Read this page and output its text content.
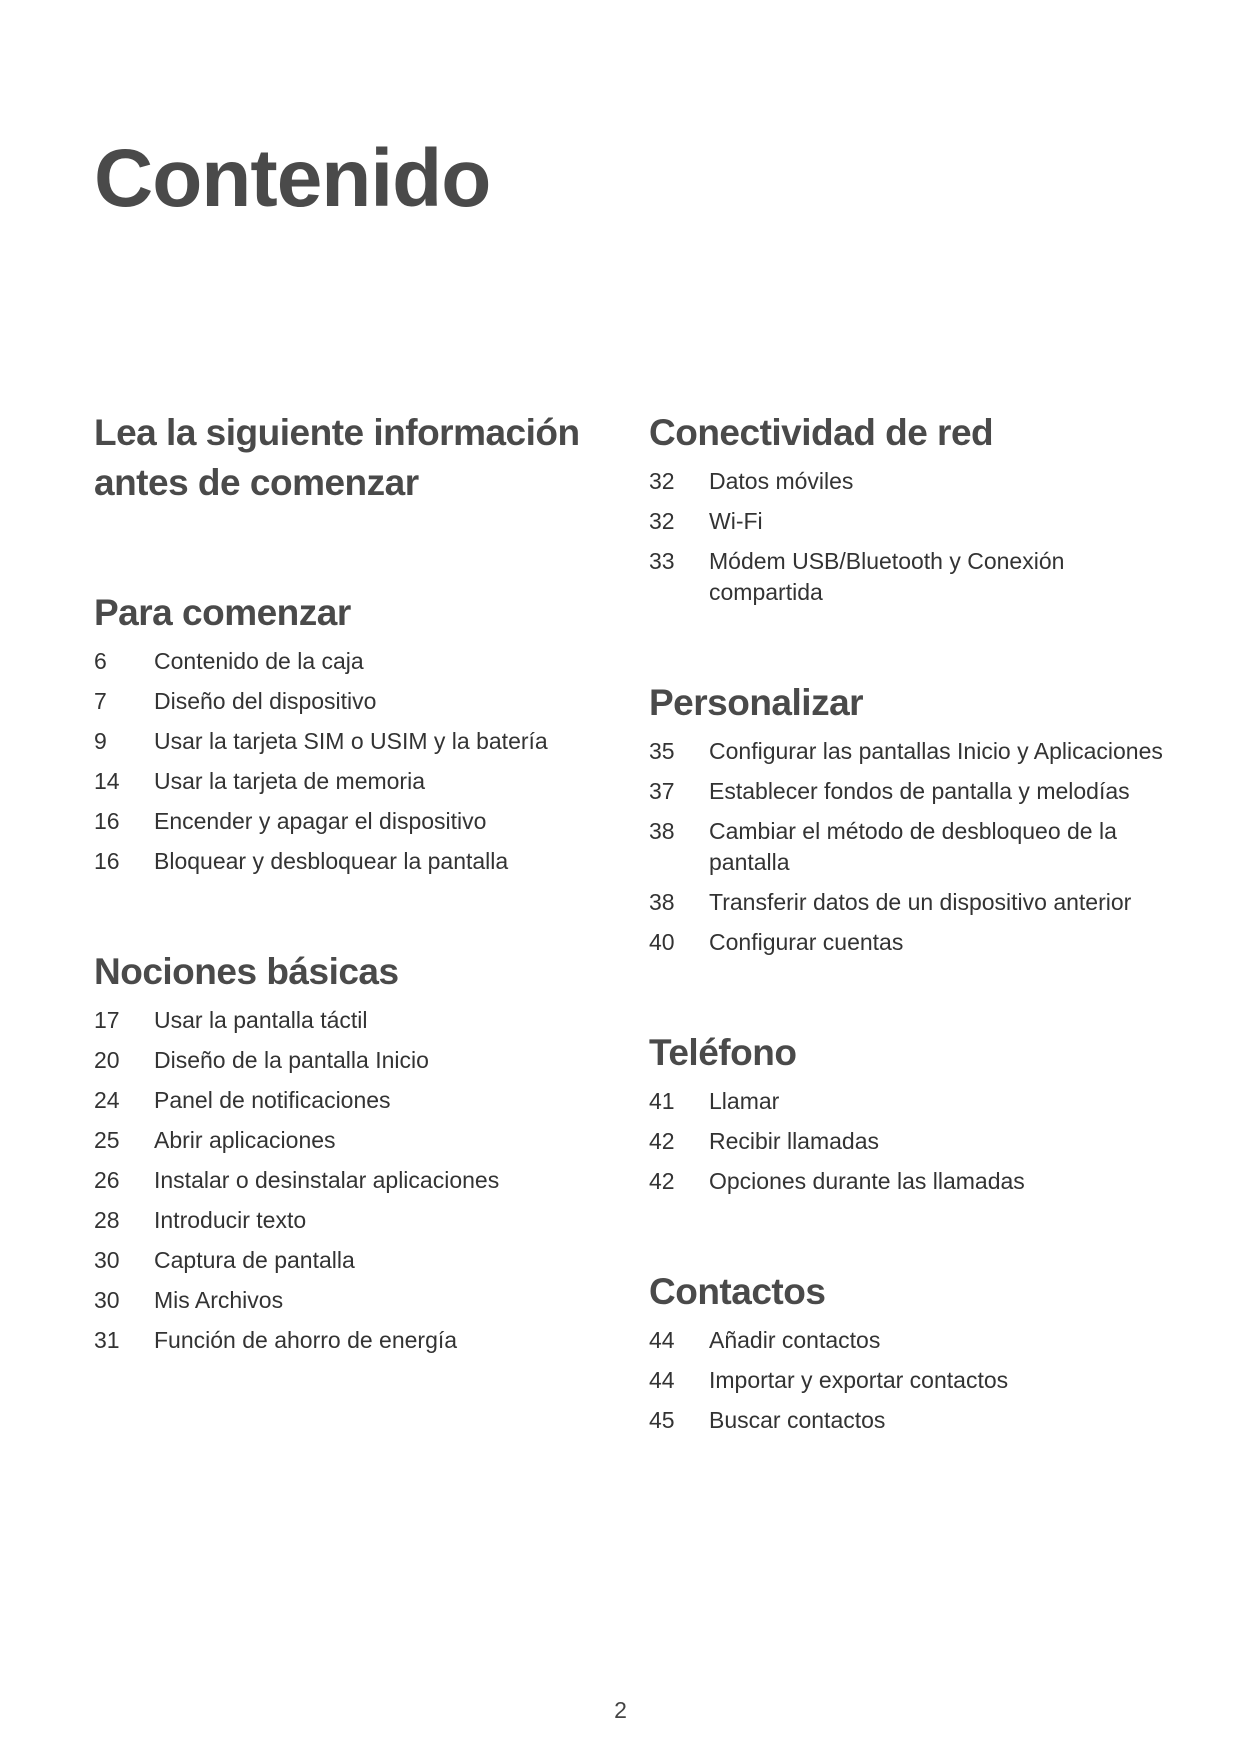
Contenido
Lea la siguiente información antes de comenzar
Para comenzar
6	Contenido de la caja
7	Diseño del dispositivo
9	Usar la tarjeta SIM o USIM y la batería
14	Usar la tarjeta de memoria
16	Encender y apagar el dispositivo
16	Bloquear y desbloquear la pantalla
Nociones básicas
17	Usar la pantalla táctil
20	Diseño de la pantalla Inicio
24	Panel de notificaciones
25	Abrir aplicaciones
26	Instalar o desinstalar aplicaciones
28	Introducir texto
30	Captura de pantalla
30	Mis Archivos
31	Función de ahorro de energía
Conectividad de red
32	Datos móviles
32	Wi-Fi
33	Módem USB/Bluetooth y Conexión compartida
Personalizar
35	Configurar las pantallas Inicio y Aplicaciones
37	Establecer fondos de pantalla y melodías
38	Cambiar el método de desbloqueo de la pantalla
38	Transferir datos de un dispositivo anterior
40	Configurar cuentas
Teléfono
41	Llamar
42	Recibir llamadas
42	Opciones durante las llamadas
Contactos
44	Añadir contactos
44	Importar y exportar contactos
45	Buscar contactos
2
